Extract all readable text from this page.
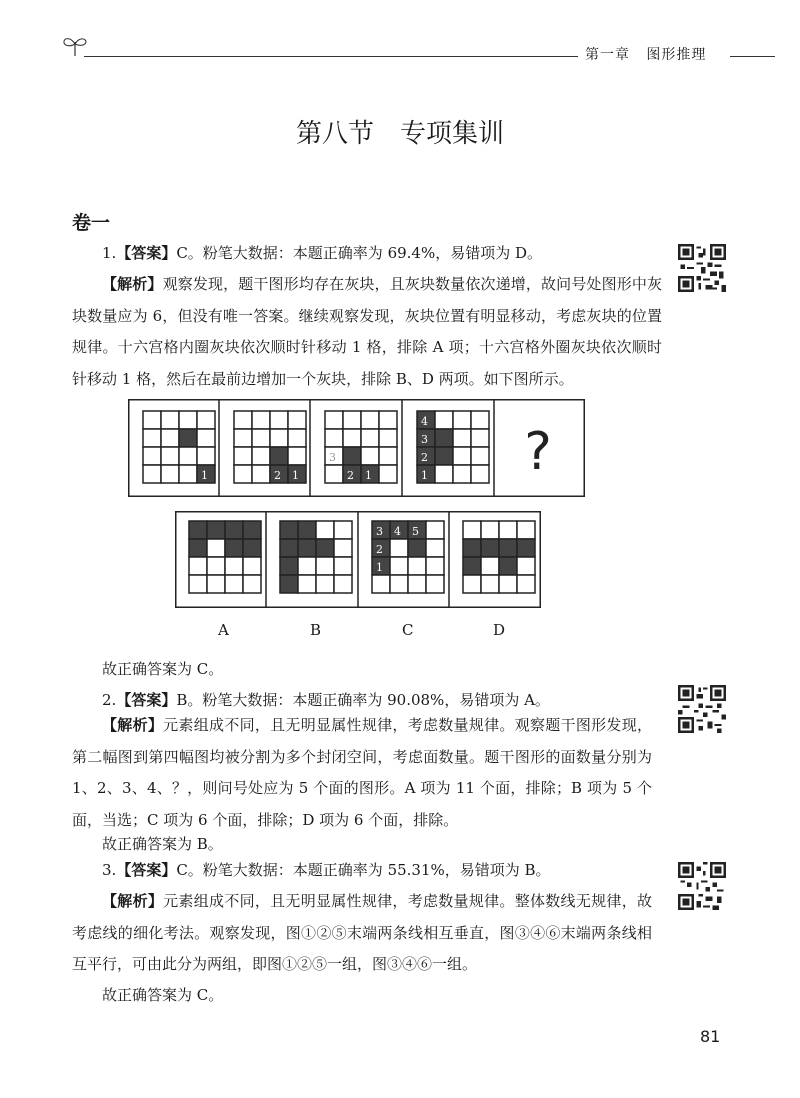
第一章 图形推理
第八节　专项集训
卷一
1.【答案】C。粉笔大数据：本题正确率为 69.4%，易错项为 D。
【解析】观察发现，题干图形均存在灰块，且灰块数量依次递增，故问号处图形中灰块数量应为 6，但没有唯一答案。继续观察发现，灰块位置有明显移动，考虑灰块的位置规律。十六宫格内圈灰块依次顺时针移动 1 格，排除 A 项；十六宫格外圈灰块依次顺时针移动 1 格，然后在最前边增加一个灰块，排除 B、D 两项。如下图所示。
1	2 1
3
2 1
4
3
2
1 ?
3 4 5
2
1
A	B	C	D
故正确答案为 C。
2.【答案】B。粉笔大数据：本题正确率为 90.08%，易错项为 A。
【解析】元素组成不同，且无明显属性规律，考虑数量规律。观察题干图形发现，第二幅图到第四幅图均被分割为多个封闭空间，考虑面数量。题干图形的面数量分别为 1、2、3、4、？，则问号处应为 5 个面的图形。A 项为 11 个面，排除；B 项为 5 个面，当选；C 项为 6 个面，排除；D 项为 6 个面，排除。
故正确答案为 B。
3.【答案】C。粉笔大数据：本题正确率为 55.31%，易错项为 B。
【解析】元素组成不同，且无明显属性规律，考虑数量规律。整体数线无规律，故考虑线的细化考法。观察发现，图①②⑤末端两条线相互垂直，图③④⑥末端两条线相互平行，可由此分为两组，即图①②⑤一组，图③④⑥一组。
故正确答案为 C。
81
